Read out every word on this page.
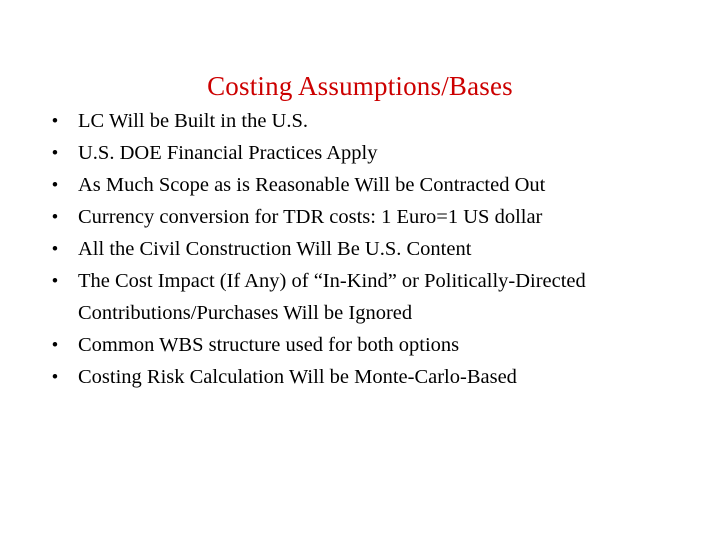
Costing Assumptions/Bases
• LC Will be Built in the U.S.
• U.S. DOE Financial Practices Apply
• As Much Scope as is Reasonable Will be Contracted Out
• Currency conversion for TDR costs: 1 Euro=1 US dollar
• All the Civil Construction Will Be U.S. Content
• The Cost Impact (If Any) of “In-Kind” or Politically-Directed Contributions/Purchases Will be Ignored
• Common WBS structure used for both options
• Costing Risk Calculation Will be Monte-Carlo-Based
